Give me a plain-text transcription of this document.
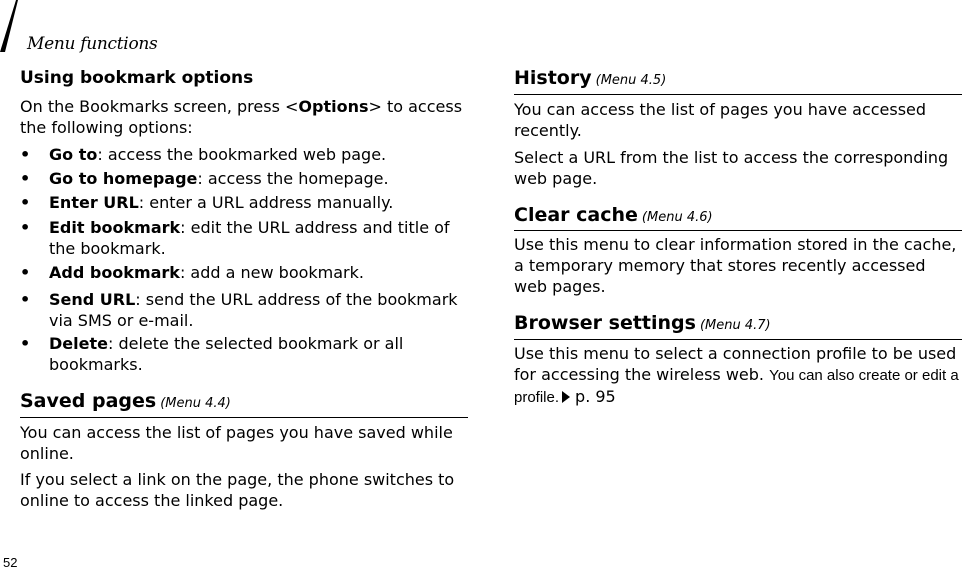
Menu functions
Using bookmark options
On the Bookmarks screen, press <Options> to access the following options:
• Go to: access the bookmarked web page.
• Go to homepage: access the homepage.
• Enter URL: enter a URL address manually.
• Edit bookmark: edit the URL address and title of the bookmark.
• Add bookmark: add a new bookmark.
• Send URL: send the URL address of the bookmark via SMS or e-mail.
• Delete: delete the selected bookmark or all bookmarks.
Saved pages (Menu 4.4)
You can access the list of pages you have saved while online.
If you select a link on the page, the phone switches to online to access the linked page.
History (Menu 4.5)
You can access the list of pages you have accessed recently.
Select a URL from the list to access the corresponding web page.
Clear cache (Menu 4.6)
Use this menu to clear information stored in the cache, a temporary memory that stores recently accessed web pages.
Browser settings (Menu 4.7)
Use this menu to select a connection profile to be used for accessing the wireless web. You can also create or edit a profile. p. 95
52
